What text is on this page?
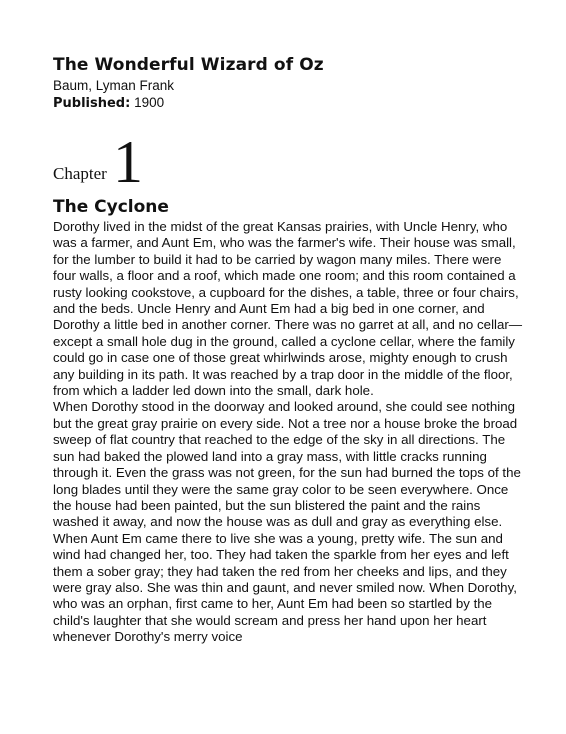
The Wonderful Wizard of Oz

Baum, Lyman Frank

Published: 1900

Chapter 1
The Cyclone

Dorothy lived in the midst of the great Kansas prairies, with Uncle Henry, who was a farmer, and Aunt Em, who was the farmer's wife. Their house was small, for the lumber to build it had to be carried by wagon many miles. There were four walls, a floor and a roof, which made one room; and this room contained a rusty looking cookstove, a cupboard for the dishes, a table, three or four chairs, and the beds. Uncle Henry and Aunt Em had a big bed in one corner, and Dorothy a little bed in another corner. There was no garret at all, and no cellar—except a small hole dug in the ground, called a cyclone cellar, where the family could go in case one of those great whirlwinds arose, mighty enough to crush any building in its path. It was reached by a trap door in the middle of the floor, from which a ladder led down into the small, dark hole.

When Dorothy stood in the doorway and looked around, she could see nothing but the great gray prairie on every side. Not a tree nor a house broke the broad sweep of flat country that reached to the edge of the sky in all directions. The sun had baked the plowed land into a gray mass, with little cracks running through it. Even the grass was not green, for the sun had burned the tops of the long blades until they were the same gray color to be seen everywhere. Once the house had been painted, but the sun blistered the paint and the rains washed it away, and now the house was as dull and gray as everything else.

When Aunt Em came there to live she was a young, pretty wife. The sun and wind had changed her, too. They had taken the sparkle from her eyes and left them a sober gray; they had taken the red from her cheeks and lips, and they were gray also. She was thin and gaunt, and never smiled now. When Dorothy, who was an orphan, first came to her, Aunt Em had been so startled by the child's laughter that she would scream and press her hand upon her heart whenever Dorothy's merry voice
